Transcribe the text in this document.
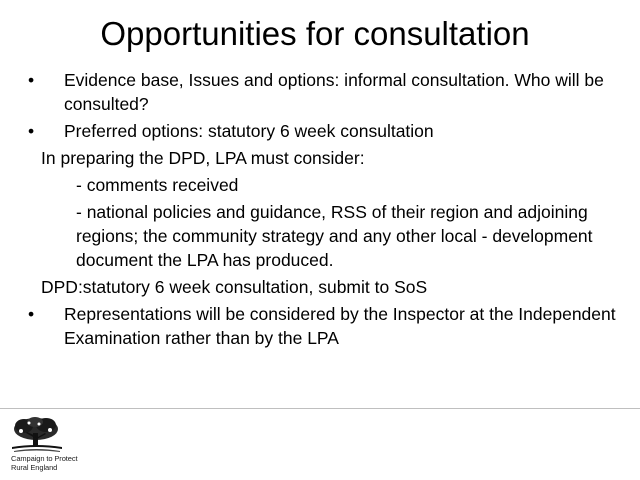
Opportunities for consultation
• Evidence base, Issues and options: informal consultation. Who will be consulted?
• Preferred options: statutory 6 week consultation
In preparing the DPD, LPA must consider:
- comments received
- national policies and guidance, RSS of their region and adjoining regions; the community strategy and any other local - development document the LPA has produced.
DPD:statutory 6 week consultation, submit to SoS
• Representations will be considered by the Inspector at the Independent Examination rather than by the LPA
Campaign to Protect
Rural England
